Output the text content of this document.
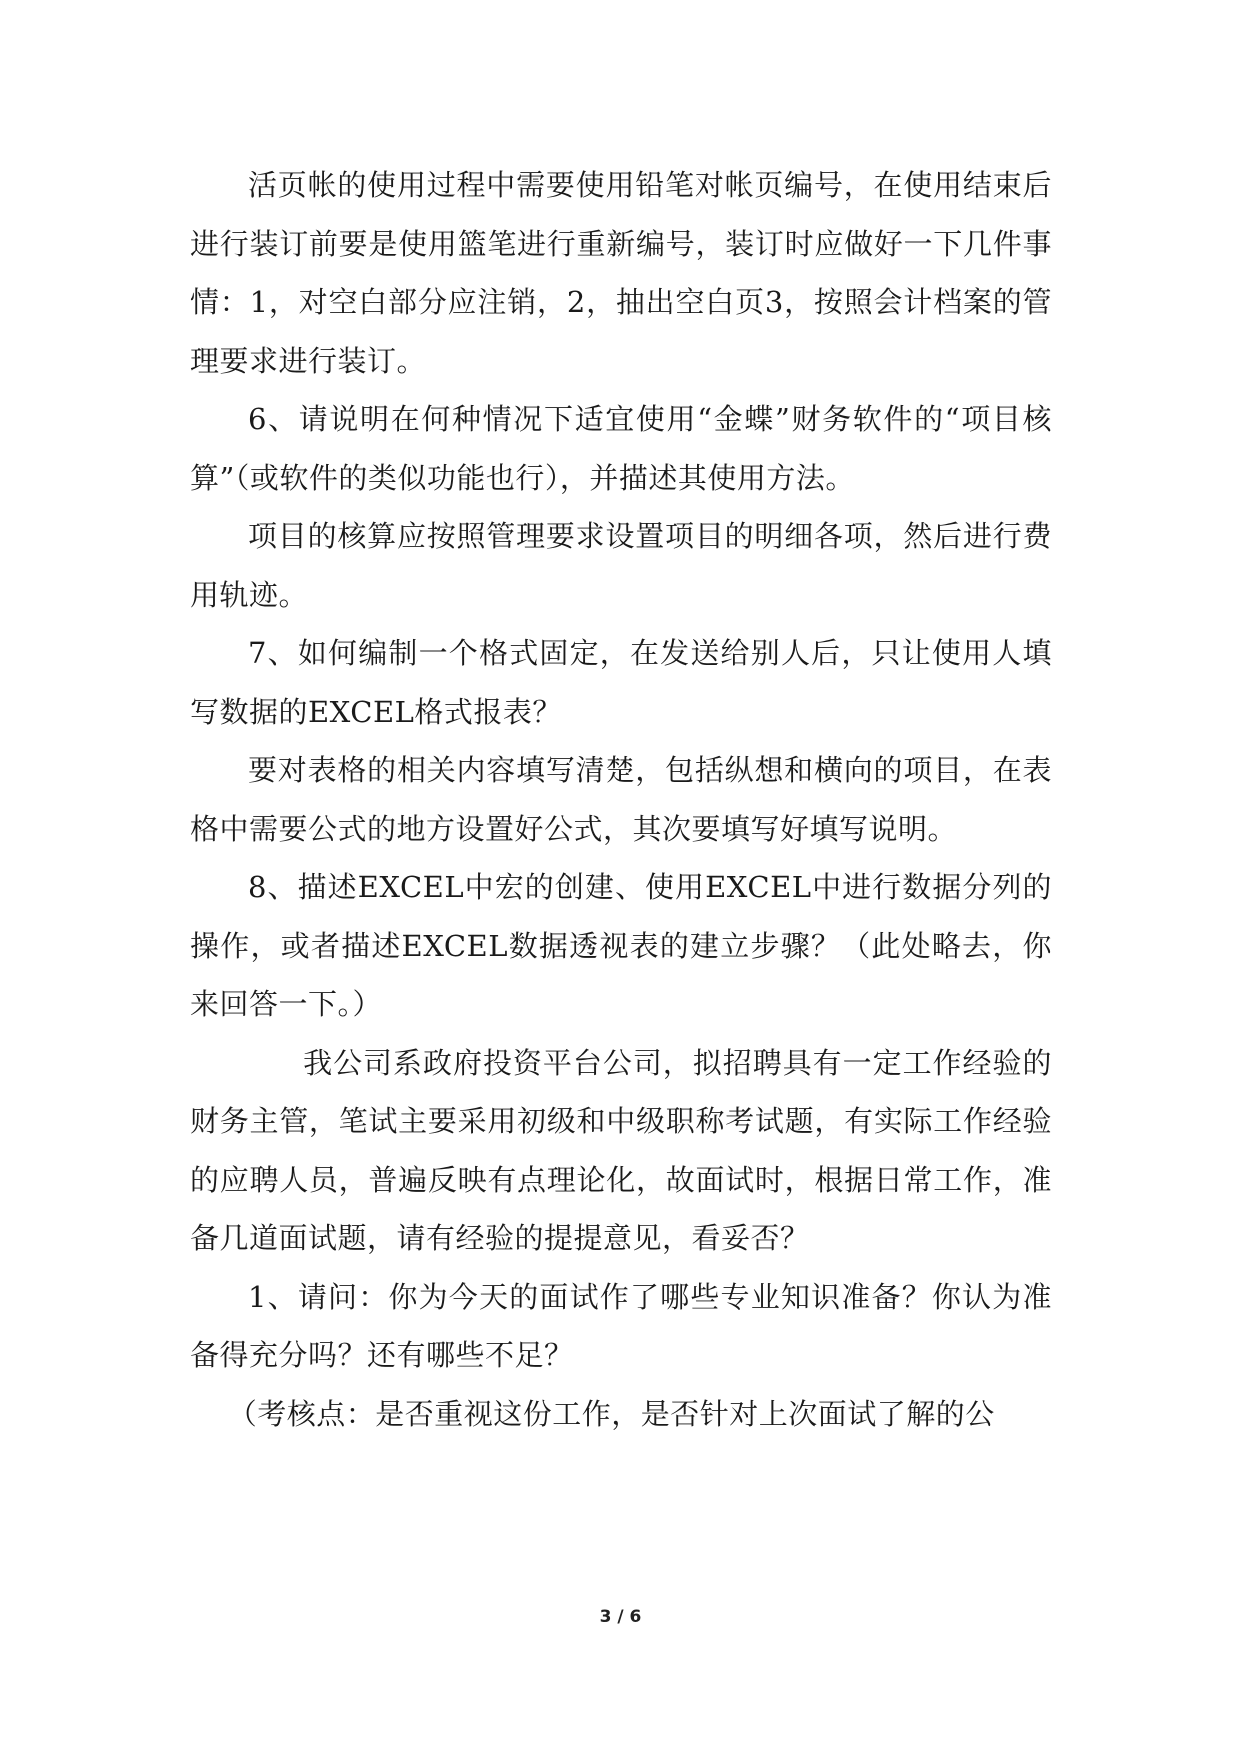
活页帐的使用过程中需要使用铅笔对帐页编号，在使用结束后进行装订前要是使用篮笔进行重新编号，装订时应做好一下几件事情：1，对空白部分应注销，2，抽出空白页3，按照会计档案的管理要求进行装订。

6、请说明在何种情况下适宜使用“金蝶”财务软件的“项目核算”（或软件的类似功能也行），并描述其使用方法。

项目的核算应按照管理要求设置项目的明细各项，然后进行费用轨迹。

7、如何编制一个格式固定，在发送给别人后，只让使用人填写数据的EXCEL格式报表？

要对表格的相关内容填写清楚，包括纵想和横向的项目，在表格中需要公式的地方设置好公式，其次要填写好填写说明。

8、描述EXCEL中宏的创建、使用EXCEL中进行数据分列的操作，或者描述EXCEL数据透视表的建立步骤？（此处略去，你来回答一下。）

我公司系政府投资平台公司，拟招聘具有一定工作经验的财务主管，笔试主要采用初级和中级职称考试题，有实际工作经验的应聘人员，普遍反映有点理论化，故面试时，根据日常工作，准备几道面试题，请有经验的提提意见，看妥否？

1、请问：你为今天的面试作了哪些专业知识准备？你认为准备得充分吗？还有哪些不足？

（考核点：是否重视这份工作，是否针对上次面试了解的公

3 / 6
